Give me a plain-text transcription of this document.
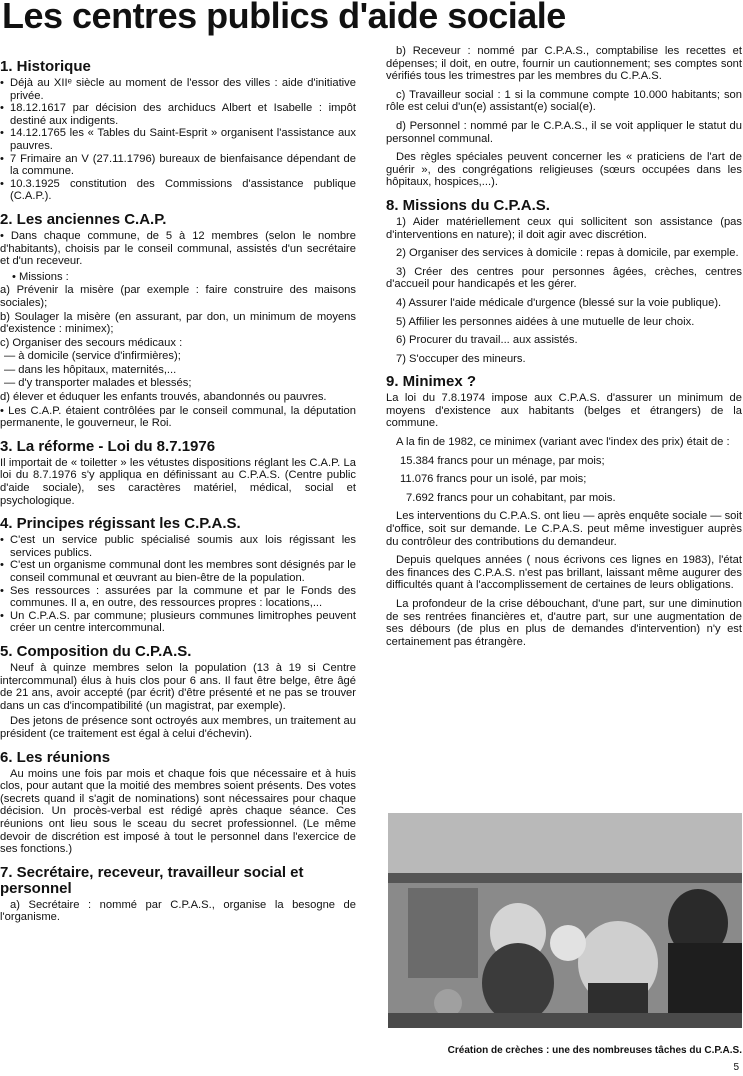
Les centres publics d'aide sociale
1. Historique
• Déjà au XIIᵉ siècle au moment de l'essor des villes : aide d'initiative privée.
• 18.12.1617 par décision des archiducs Albert et Isabelle : impôt destiné aux indigents.
• 14.12.1765 les « Tables du Saint-Esprit » organisent l'assistance aux pauvres.
• 7 Frimaire an V (27.11.1796) bureaux de bienfaisance dépendant de la commune.
• 10.3.1925 constitution des Commissions d'assistance publique (C.A.P.).
2. Les anciennes C.A.P.

• Dans chaque commune, de 5 à 12 membres (selon le nombre d'habitants), choisis par le conseil communal, assistés d'un secrétaire et d'un receveur.

• Missions :

a) Prévenir la misère (par exemple : faire construire des maisons sociales);

b) Soulager la misère (en assurant, par don, un minimum de moyens d'existence : minimex);

c) Organiser des secours médicaux :

— à domicile (service d'infirmières);

— dans les hôpitaux, maternités,...

— d'y transporter malades et blessés;

d) élever et éduquer les enfants trouvés, abandonnés ou pauvres.

• Les C.A.P. étaient contrôlées par le conseil communal, la députation permanente, le gouverneur, le Roi.

3. La réforme - Loi du 8.7.1976

Il importait de « toiletter » les vétustes dispositions réglant les C.A.P. La loi du 8.7.1976 s'y appliqua en définissant au C.P.A.S. (Centre public d'aide sociale), ses caractères matériel, médical, social et psychologique.

4. Principes régissant les C.P.A.S.
• C'est un service public spécialisé soumis aux lois régissant les services publics.
• C'est un organisme communal dont les membres sont désignés par le conseil communal et œuvrant au bien-être de la population.
• Ses ressources : assurées par la commune et par le Fonds des communes. Il a, en outre, des ressources propres : locations,...
• Un C.P.A.S. par commune; plusieurs communes limitrophes peuvent créer un centre intercommunal.
5. Composition du C.P.A.S.

Neuf à quinze membres selon la population (13 à 19 si Centre intercommunal) élus à huis clos pour 6 ans. Il faut être belge, être âgé de 21 ans, avoir accepté (par écrit) d'être présenté et ne pas se trouver dans un cas d'incompatibilité (un magistrat, par exemple).

Des jetons de présence sont octroyés aux membres, un traitement au président (ce traitement est égal à celui d'échevin).

6. Les réunions

Au moins une fois par mois et chaque fois que nécessaire et à huis clos, pour autant que la moitié des membres soient présents. Des votes (secrets quand il s'agit de nominations) sont nécessaires pour chaque décision. Un procès-verbal est rédigé après chaque séance. Ces réunions ont lieu sous le sceau du secret professionnel. (Le même devoir de discrétion est imposé à tout le personnel dans l'exercice de ses fonctions.)

7. Secrétaire, receveur, travailleur social et personnel

a) Secrétaire : nommé par C.P.A.S., organise la besogne de l'organisme.

b) Receveur : nommé par C.P.A.S., comptabilise les recettes et dépenses; il doit, en outre, fournir un cautionnement; ses comptes sont vérifiés tous les trimestres par les membres du C.P.A.S.

c) Travailleur social : 1 si la commune compte 10.000 habitants; son rôle est celui d'un(e) assistant(e) social(e).

d) Personnel : nommé par le C.P.A.S., il se voit appliquer le statut du personnel communal.

Des règles spéciales peuvent concerner les « praticiens de l'art de guérir », des congrégations religieuses (sœurs occupées dans les hôpitaux, hospices,...).

8. Missions du C.P.A.S.

1) Aider matériellement ceux qui sollicitent son assistance (pas d'interventions en nature); il doit agir avec discrétion.

2) Organiser des services à domicile : repas à domicile, par exemple.

3) Créer des centres pour personnes âgées, crèches, centres d'accueil pour handicapés et les gérer.

4) Assurer l'aide médicale d'urgence (blessé sur la voie publique).

5) Affilier les personnes aidées à une mutuelle de leur choix.

6) Procurer du travail... aux assistés.

7) S'occuper des mineurs.

9. Minimex ?

La loi du 7.8.1974 impose aux C.P.A.S. d'assurer un minimum de moyens d'existence aux habitants (belges et étrangers) de la commune.

A la fin de 1982, ce minimex (variant avec l'index des prix) était de :

15.384 francs pour un ménage, par mois;

11.076 francs pour un isolé, par mois;

7.692 francs pour un cohabitant, par mois.

Les interventions du C.P.A.S. ont lieu — après enquête sociale — soit d'office, soit sur demande. Le C.P.A.S. peut même investiguer auprès du contrôleur des contributions du demandeur.

Depuis quelques années ( nous écrivons ces lignes en 1983), l'état des finances des C.P.A.S. n'est pas brillant, laissant même augurer des difficultés quant à l'accomplissement de certaines de leurs obligations.

La profondeur de la crise débouchant, d'une part, sur une diminution de ses rentrées financières et, d'autre part, sur une augmentation de ses débours (de plus en plus de demandes d'intervention) n'y est certainement pas étrangère.

Création de crèches : une des nombreuses tâches du C.P.A.S.
5
